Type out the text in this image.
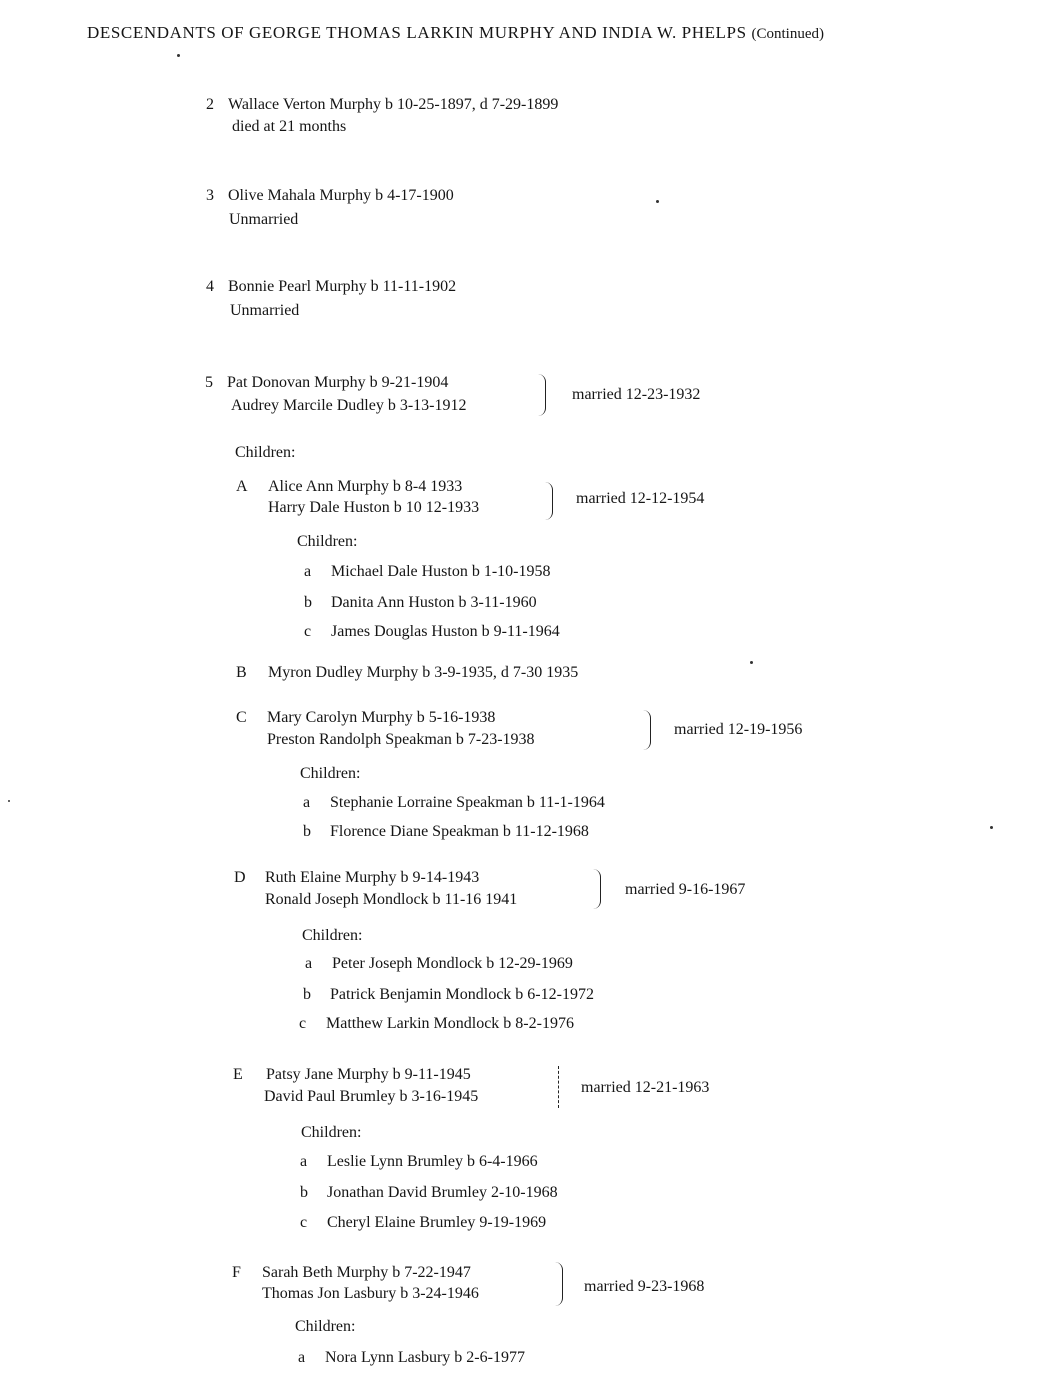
DESCENDANTS OF GEORGE THOMAS LARKIN MURPHY AND INDIA W. PHELPS (Continued)
2 Wallace Verton Murphy b 10-25-1897, d 7-29-1899
died at 21 months
3 Olive Mahala Murphy b 4-17-1900
Unmarried
4 Bonnie Pearl Murphy b 11-11-1902
Unmarried
5 Pat Donovan Murphy b 9-21-1904
Audrey Marcile Dudley b 3-13-1912
married 12-23-1932
Children:
A Alice Ann Murphy b 8-4 1933
Harry Dale Huston b 10 12-1933
married 12-12-1954
Children:
a Michael Dale Huston b 1-10-1958
b Danita Ann Huston b 3-11-1960
c James Douglas Huston b 9-11-1964
B Myron Dudley Murphy b 3-9-1935, d 7-30 1935
C Mary Carolyn Murphy b 5-16-1938
Preston Randolph Speakman b 7-23-1938
married 12-19-1956
Children:
a Stephanie Lorraine Speakman b 11-1-1964
b Florence Diane Speakman b 11-12-1968
D Ruth Elaine Murphy b 9-14-1943
Ronald Joseph Mondlock b 11-16 1941
married 9-16-1967
Children:
a Peter Joseph Mondlock b 12-29-1969
b Patrick Benjamin Mondlock b 6-12-1972
c Matthew Larkin Mondlock b 8-2-1976
E Patsy Jane Murphy b 9-11-1945
David Paul Brumley b 3-16-1945
married 12-21-1963
Children:
a Leslie Lynn Brumley b 6-4-1966
b Jonathan David Brumley 2-10-1968
c Cheryl Elaine Brumley 9-19-1969
F Sarah Beth Murphy b 7-22-1947
Thomas Jon Lasbury b 3-24-1946	married 9-23-1968
Children:
a Nora Lynn Lasbury b 2-6-1977
